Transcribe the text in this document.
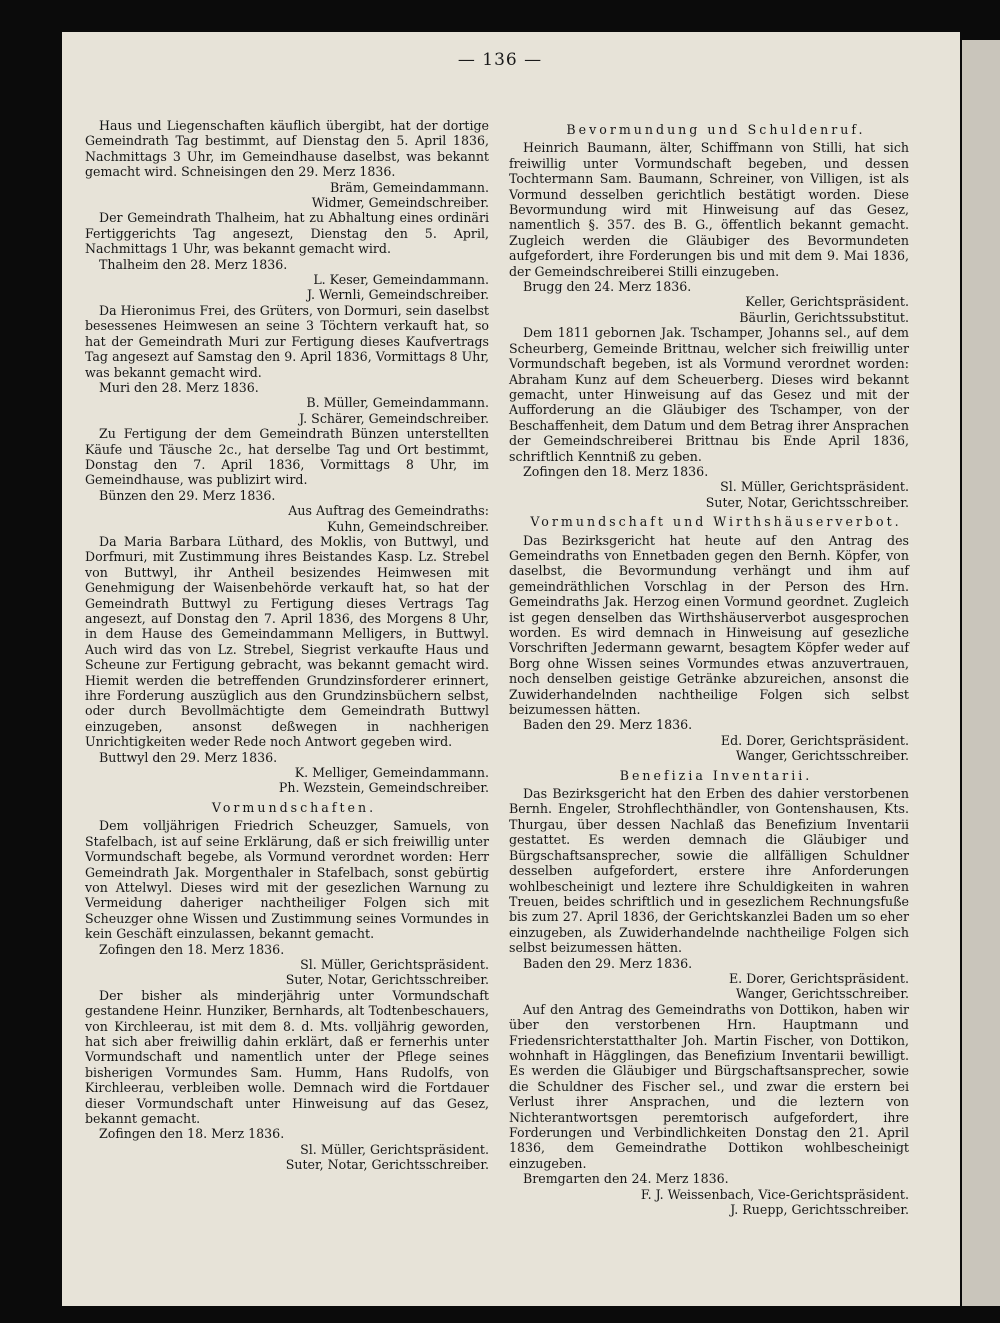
— 136 —

Haus und Liegenschaften käuflich übergibt, hat der dortige Gemeindrath Tag bestimmt, auf Dienstag den 5. April 1836, Nachmittags 3 Uhr, im Gemeindhause daselbst, was bekannt gemacht wird. Schneisingen den 29. Merz 1836.

Bräm, Gemeindammann.

Widmer, Gemeindschreiber.

Der Gemeindrath Thalheim, hat zu Abhaltung eines ordinäri Fertiggerichts Tag angesezt, Dienstag den 5. April, Nachmittags 1 Uhr, was bekannt gemacht wird.

Thalheim den 28. Merz 1836.

L. Keser, Gemeindammann.

J. Wernli, Gemeindschreiber.

Da Hieronimus Frei, des Grüters, von Dormuri, sein daselbst besessenes Heimwesen an seine 3 Töchtern verkauft hat, so hat der Gemeindrath Muri zur Fertigung dieses Kaufvertrags Tag angesezt auf Samstag den 9. April 1836, Vormittags 8 Uhr, was bekannt gemacht wird.

Muri den 28. Merz 1836.

B. Müller, Gemeindammann.

J. Schärer, Gemeindschreiber.

Zu Fertigung der dem Gemeindrath Bünzen unterstellten Käufe und Täusche 2c., hat derselbe Tag und Ort bestimmt, Donstag den 7. April 1836, Vormittags 8 Uhr, im Gemeindhause, was publizirt wird.

Bünzen den 29. Merz 1836.

Aus Auftrag des Gemeindraths:

Kuhn, Gemeindschreiber.

Da Maria Barbara Lüthard, des Moklis, von Buttwyl, und Dorfmuri, mit Zustimmung ihres Beistandes Kasp. Lz. Strebel von Buttwyl, ihr Antheil besizendes Heimwesen mit Genehmigung der Waisenbehörde verkauft hat, so hat der Gemeindrath Buttwyl zu Fertigung dieses Vertrags Tag angesezt, auf Donstag den 7. April 1836, des Morgens 8 Uhr, in dem Hause des Gemeindammann Melligers, in Buttwyl. Auch wird das von Lz. Strebel, Siegrist verkaufte Haus und Scheune zur Fertigung gebracht, was bekannt gemacht wird. Hiemit werden die betreffenden Grundzinsforderer erinnert, ihre Forderung auszüglich aus den Grundzinsbüchern selbst, oder durch Bevollmächtigte dem Gemeindrath Buttwyl einzugeben, ansonst deßwegen in nachherigen Unrichtigkeiten weder Rede noch Antwort gegeben wird.

Buttwyl den 29. Merz 1836.

K. Melliger, Gemeindammann.

Ph. Wezstein, Gemeindschreiber.

Vormundschaften.

Dem volljährigen Friedrich Scheuzger, Samuels, von Stafelbach, ist auf seine Erklärung, daß er sich freiwillig unter Vormundschaft begebe, als Vormund verordnet worden: Herr Gemeindrath Jak. Morgenthaler in Stafelbach, sonst gebürtig von Attelwyl. Dieses wird mit der gesezlichen Warnung zu Vermeidung daheriger nachtheiliger Folgen sich mit Scheuzger ohne Wissen und Zustimmung seines Vormundes in kein Geschäft einzulassen, bekannt gemacht.

Zofingen den 18. Merz 1836.

Sl. Müller, Gerichtspräsident.

Suter, Notar, Gerichtsschreiber.

Der bisher als minderjährig unter Vormundschaft gestandene Heinr. Hunziker, Bernhards, alt Todtenbeschauers, von Kirchleerau, ist mit dem 8. d. Mts. volljährig geworden, hat sich aber freiwillig dahin erklärt, daß er fernerhis unter Vormundschaft und namentlich unter der Pflege seines bisherigen Vormundes Sam. Humm, Hans Rudolfs, von Kirchleerau, verbleiben wolle. Demnach wird die Fortdauer dieser Vormundschaft unter Hinweisung auf das Gesez, bekannt gemacht.

Zofingen den 18. Merz 1836.

Sl. Müller, Gerichtspräsident.

Suter, Notar, Gerichtsschreiber.

Bevormundung und Schuldenruf.

Heinrich Baumann, älter, Schiffmann von Stilli, hat sich freiwillig unter Vormundschaft begeben, und dessen Tochtermann Sam. Baumann, Schreiner, von Villigen, ist als Vormund desselben gerichtlich bestätigt worden. Diese Bevormundung wird mit Hinweisung auf das Gesez, namentlich §. 357. des B. G., öffentlich bekannt gemacht. Zugleich werden die Gläubiger des Bevormundeten aufgefordert, ihre Forderungen bis und mit dem 9. Mai 1836, der Gemeindschreiberei Stilli einzugeben.

Brugg den 24. Merz 1836.

Keller, Gerichtspräsident.

Bäurlin, Gerichtssubstitut.

Dem 1811 gebornen Jak. Tschamper, Johanns sel., auf dem Scheurberg, Gemeinde Brittnau, welcher sich freiwillig unter Vormundschaft begeben, ist als Vormund verordnet worden: Abraham Kunz auf dem Scheuerberg. Dieses wird bekannt gemacht, unter Hinweisung auf das Gesez und mit der Aufforderung an die Gläubiger des Tschamper, von der Beschaffenheit, dem Datum und dem Betrag ihrer Ansprachen der Gemeindschreiberei Brittnau bis Ende April 1836, schriftlich Kenntniß zu geben.

Zofingen den 18. Merz 1836.

Sl. Müller, Gerichtspräsident.

Suter, Notar, Gerichtsschreiber.

Vormundschaft und Wirthshäuserverbot.

Das Bezirksgericht hat heute auf den Antrag des Gemeindraths von Ennetbaden gegen den Bernh. Köpfer, von daselbst, die Bevormundung verhängt und ihm auf gemeindräthlichen Vorschlag in der Person des Hrn. Gemeindraths Jak. Herzog einen Vormund geordnet. Zugleich ist gegen denselben das Wirthshäuserverbot ausgesprochen worden. Es wird demnach in Hinweisung auf gesezliche Vorschriften Jedermann gewarnt, besagtem Köpfer weder auf Borg ohne Wissen seines Vormundes etwas anzuvertrauen, noch denselben geistige Getränke abzureichen, ansonst die Zuwiderhandelnden nachtheilige Folgen sich selbst beizumessen hätten.

Baden den 29. Merz 1836.

Ed. Dorer, Gerichtspräsident.

Wanger, Gerichtsschreiber.

Benefizia Inventarii.

Das Bezirksgericht hat den Erben des dahier verstorbenen Bernh. Engeler, Strohflechthändler, von Gontenshausen, Kts. Thurgau, über dessen Nachlaß das Benefizium Inventarii gestattet. Es werden demnach die Gläubiger und Bürgschaftsansprecher, sowie die allfälligen Schuldner desselben aufgefordert, erstere ihre Anforderungen wohlbescheinigt und leztere ihre Schuldigkeiten in wahren Treuen, beides schriftlich und in gesezlichem Rechnungsfuße bis zum 27. April 1836, der Gerichtskanzlei Baden um so eher einzugeben, als Zuwiderhandelnde nachtheilige Folgen sich selbst beizumessen hätten.

Baden den 29. Merz 1836.

E. Dorer, Gerichtspräsident.

Wanger, Gerichtsschreiber.

Auf den Antrag des Gemeindraths von Dottikon, haben wir über den verstorbenen Hrn. Hauptmann und Friedensrichterstatthalter Joh. Martin Fischer, von Dottikon, wohnhaft in Hägglingen, das Benefizium Inventarii bewilligt. Es werden die Gläubiger und Bürgschaftsansprecher, sowie die Schuldner des Fischer sel., und zwar die erstern bei Verlust ihrer Ansprachen, und die leztern von Nichterantwortsgen peremtorisch aufgefordert, ihre Forderungen und Verbindlichkeiten Donstag den 21. April 1836, dem Gemeindrathe Dottikon wohlbescheinigt einzugeben.

Bremgarten den 24. Merz 1836.

F. J. Weissenbach, Vice-Gerichtspräsident.

J. Ruepp, Gerichtsschreiber.
